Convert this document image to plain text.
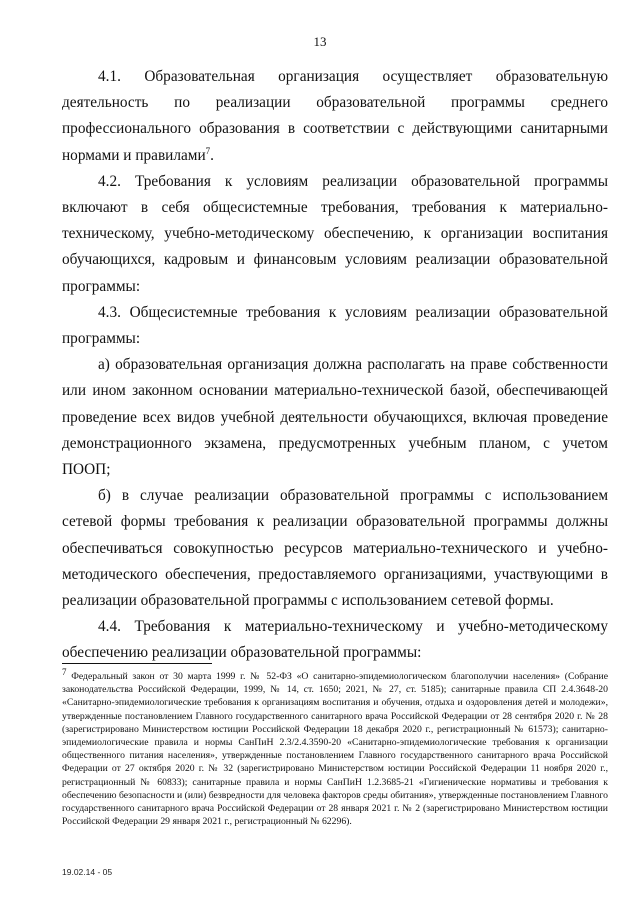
13

4.1. Образовательная организация осуществляет образовательную деятельность по реализации образовательной программы среднего профессионального образования в соответствии с действующими санитарными нормами и правилами$^7$.

4.2. Требования к условиям реализации образовательной программы включают в себя общесистемные требования, требования к материально-техническому, учебно-методическому обеспечению, к организации воспитания обучающихся, кадровым и финансовым условиям реализации образовательной программы:

4.3. Общесистемные требования к условиям реализации образовательной программы:

а) образовательная организация должна располагать на праве собственности или ином законном основании материально-технической базой, обеспечивающей проведение всех видов учебной деятельности обучающихся, включая проведение демонстрационного экзамена, предусмотренных учебным планом, с учетом ПООП;

б) в случае реализации образовательной программы с использованием сетевой формы требования к реализации образовательной программы должны обеспечиваться совокупностью ресурсов материально-технического и учебно-методического обеспечения, предоставляемого организациями, участвующими в реализации образовательной программы с использованием сетевой формы.

4.4. Требования к материально-техническому и учебно-методическому обеспечению реализации образовательной программы:

$^7$ Федеральный закон от 30 марта 1999 г. № 52-ФЗ «О санитарно-эпидемиологическом благополучии населения» (Собрание законодательства Российской Федерации, 1999, № 14, ст. 1650; 2021, № 27, ст. 5185); санитарные правила СП 2.4.3648-20 «Санитарно-эпидемиологические требования к организациям воспитания и обучения, отдыха и оздоровления детей и молодежи», утвержденные постановлением Главного государственного санитарного врача Российской Федерации от 28 сентября 2020 г. № 28 (зарегистрировано Министерством юстиции Российской Федерации 18 декабря 2020 г., регистрационный № 61573); санитарно-эпидемиологические правила и нормы СанПиН 2.3/2.4.3590-20 «Санитарно-эпидемиологические требования к организации общественного питания населения», утвержденные постановлением Главного государственного санитарного врача Российской Федерации от 27 октября 2020 г. № 32 (зарегистрировано Министерством юстиции Российской Федерации 11 ноября 2020 г., регистрационный № 60833); санитарные правила и нормы СанПиН 1.2.3685-21 «Гигиенические нормативы и требования к обеспечению безопасности и (или) безвредности для человека факторов среды обитания», утвержденные постановлением Главного государственного санитарного врача Российской Федерации от 28 января 2021 г. № 2 (зарегистрировано Министерством юстиции Российской Федерации 29 января 2021 г., регистрационный № 62296).

19.02.14 - 05
